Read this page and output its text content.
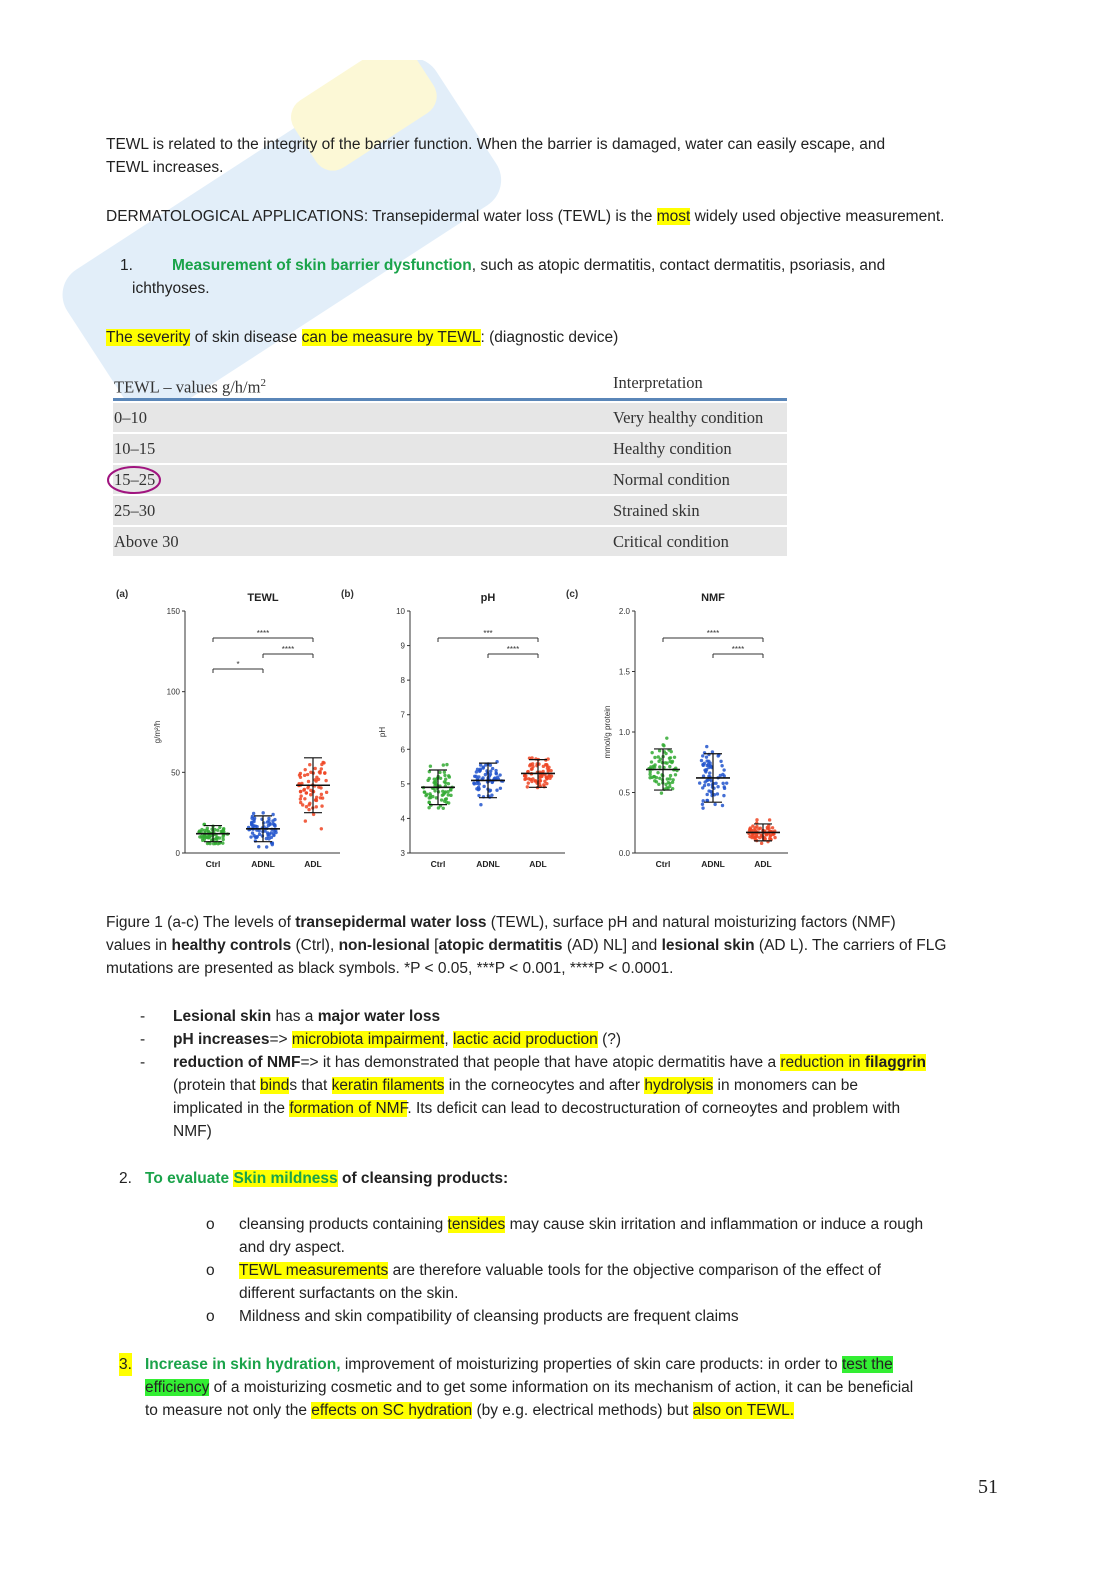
TEWL is related to the integrity of the barrier function. When the barrier is damaged, water can easily escape, and
TEWL increases.

DERMATOLOGICAL APPLICATIONS: Transepidermal water loss (TEWL) is the most widely used objective measurement.

1.	Measurement of skin barrier dysfunction, such as atopic dermatitis, contact dermatitis, psoriasis, and
ichthyoses.

The severity of skin disease can be measure by TEWL: (diagnostic device)

TEWL – values $g/h/m^2$	Interpretation
0–10	Very healthy condition
10–15	Healthy condition
15–25	Normal condition
25–30	Strained skin
Above 30	Critical condition
(a)	TEWL
0
50
100
150
g/m²/h
Ctrl	ADNL	ADL
*
****
****
(b)	pH
3
4
5
6
7
8
9
10
pH
Ctrl	ADNL	ADL
***
****
(c)	NMF
0.0
0.5
1.0
1.5
2.0
mmol/g protein
Ctrl	ADNL	ADL
****
****

Figure 1 (a-c) The levels of transepidermal water loss (TEWL), surface pH and natural moisturizing factors (NMF)
values in healthy controls (Ctrl), non-lesional [atopic dermatitis (AD) NL] and lesional skin (AD L). The carriers of FLG
mutations are presented as black symbols. *P < 0.05, ***P < 0.001, ****P < 0.0001.

- Lesional skin has a major water loss
- pH increases=> microbiota impairment, lactic acid production (?)
- reduction of NMF=> it has demonstrated that people that have atopic dermatitis have a reduction in filaggrin
(protein that binds that keratin filaments in the corneocytes and after hydrolysis in monomers can be
implicated in the formation of NMF. Its deficit can lead to decostructuration of corneoytes and problem with
NMF)
2. To evaluate Skin mildness of cleansing products:
o cleansing products containing tensides may cause skin irritation and inflammation or induce a rough
and dry aspect.
o TEWL measurements are therefore valuable tools for the objective comparison of the effect of
different surfactants on the skin.
o Mildness and skin compatibility of cleansing products are frequent claims
3. Increase in skin hydration, improvement of moisturizing properties of skin care products: in order to test the
efficiency of a moisturizing cosmetic and to get some information on its mechanism of action, it can be beneficial
to measure not only the effects on SC hydration (by e.g. electrical methods) but also on TEWL.
51
